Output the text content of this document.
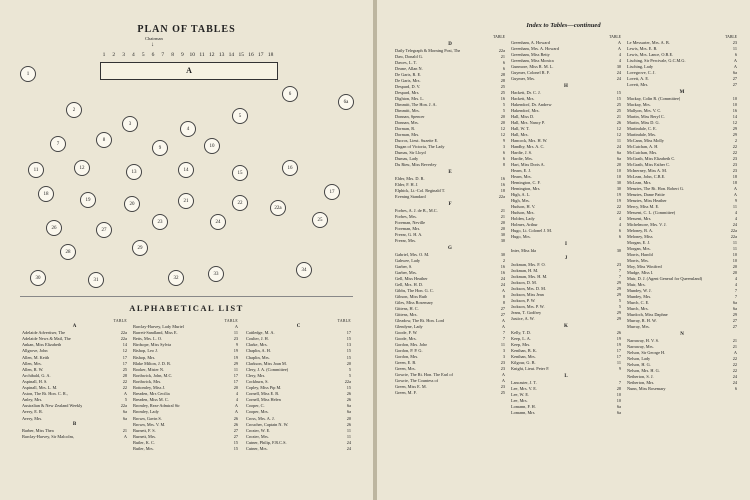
PLAN OF TABLES
Chairman
↓
1	2	3	4	5	6	7	8	9	10 11 12 13 14 15 16 17 18
A
1
2
3
4
5
6
6a
7
8
9	10
11	12
13	14
15
16
17
18
19
20
21	22
22a
23	24	25
26	27
28
29
30	31	32
33
34
ALPHABETICAL LIST
TABLE
A
Adelaide Advertiser, The	22a
Adelaide News & Mail, The	22a
Ankan, Miss Elizabeth	14
Allgrove, John	12
Allen, M. Keith	17
Allen, Mrs.	17
Allen, R. W.	25
Archibald, G. A.	28
Aspinall, H. S.	22
Aspinall, Mrs. L. M.	22
Aston, The Rt. Hon. C. R.,	A
Anley, Mrs.	5
Australian & New Zealand Weekly	22a
Avery, E. R.	6a
Avery, Mrs.	6a
B
Barber, Miss Thea	21
Barclay-Harvey, Sir Malcolm,	A
TABLE
Barclay-Harvey, Lady Muriel	A
Barrett-Sandland, Miss E.	11
Betts, Mrs. L. O.	23
Birdsope, Miss Sylvia	9
Bishop, Leo J.	19
Bishop, Mrs.	19
Blake Milton, J. D. B.	29
Booker, Mister N.	11
Borthwick, John, M.C.	17
Borthwick, Mrs.	17
Bottomley, Miss J.	20
Breaden, Mrs Cecilia	4
Breaden, Miss M. C.	4
Bromley, Rear-Admiral Sir	A
Bromley, Lady	A
Brown, Gavin S.	26
Brown, Mrs. V. M.	26
Burnett, F. S.	27
Burnett, Mrs.	27
Butler, K. C.	15
Butler, Mrs.	15
TABLE
C
Cattledge, M. A.	17
Coulter, J. H.	15
Clarke, Mrs.	13
Chaplin, A. H.	15
Chaplin, Mrs.	15
Clarkson, Miss Joan M.	20
Clery, J. A. (Committee)	5
Clery, Mrs.	5
Cockburn, S.	22a
Copley, Miss Pip M.	15
Cornell, Miss E. B.	26
Cornell, Miss Helen	26
Cooper, C.	6a
Cooper, Mrs.	6a
Cross, Mrs. A. J.	20
Croucher, Captain N. W.	26
Crozier, W. E.	11
Crozier, Mrs.	11
Cutner, Philip, F.R.C.S.	24
Cutner, Mrs.	24
Index to Tables—continued
TABLE
D
Daily Telegraph & Morning Post, The	22a
Daw, Donald G.	21
Dawes, L. T.	6
Deane, Allan N.	6
De Garis, R. E.	28
De Garis, Mrs.	28
Despard, D. V.	25
Despard, Mrs.	25
Dighton, Mrs. L.	16
Dimmitt, The Hon. J. A.	5
Dimmitt, Mrs.	5
Donnan, Spencer	20
Donnan, Mrs.	20
Dorman, R.	12
Dorman, Mrs.	12
Ducros, Lieut. Suzette E.	9
Dugan of Victoria, The Lady	3
Dumas, Sir Lloyd	6
Dumas, Lady	6
Du Rieu, Miss Beverley	8
E
Elder, Mrs. D. R.	16
Elder, F. H. J.	16
Elphick, Lt.-Col. Reginald T.	18
Evening Standard	22a
F
Forbes, A. J. de B., M.C.	21
Forbes, Mrs.	21
Foreman, Neville	20
Foreman, Mrs.	20
Freear, G. H. A.	30
Freear, Mrs.	30
G
Gabriel, Mrs. O. M.	30
Gahwee, Lady	2
Garber, S.	16
Garber, Mrs.	16
Gell, Miss Heather	24
Gell, Mrs. H. D.	24
Gibbs, The Hon. G. C.	A
Gibson, Miss Ruth	8
Giles, Miss Rosemary	8
Gittens, H. C.	27
Gittens, Mrs.	27
Gleadow, The Rt. Hon. Lord	A
Glendyne, Lady	A
Goode, F. W.	7
Goode, Mrs.	7
Gordon, Mrs. John	11
Gordon, P. P. G.	3
Gordon, Mrs.	3
Green, E. B.	23
Green, Mrs.	23
Gowrie, The Rt. Hon. The Earl of	A
Gowrie, The Countess of	A
Green, Miss E. M.	23
Green, M. F.	25
TABLE
Greenham, A. Howard	A
Greenham, Mrs. A. Howard	A
Greenham, Miss Betty	4
Greenham, Miss Monica	4
Gunmore, Miss R. M. L.	30
Guymer, Colonel R. F.	24
Guymer, Mrs.	24
H
Hackett, Dr. C. J.	15
Hackett, Mrs.	15
Hakendorf, Dr. Andrew	25
Hakendorf, Mrs.	25
Hall, Miss D.	21
Hall, Mrs. Nancy P.	26
Hall, W. T.	12
Hall, Mrs.	12
Hancock, Mrs. H. W.	11
Handby, Mrs. A. C.	24
Hardie, J. S.	6a
Hardie, Mrs.	6a
Hart, Miss Doris A.	20
Hearn, E. J.	10
Hearn, Mrs.	10
Hemington, C. F.	30
Hemington, Mrs.	30
High, A. L.	19
High, Mrs.	19
Hudson, H. V.	22
Hudson, Mrs.	22
Holden, Lady	4
Holmes, Arthur	4
Hugo, Lt. Colonel J. M.	6
Hugo, Mrs.	6
I
Inter, Miss Ida	30
J
Jackman, Mrs. F. O.	23
Jackman, H. M.	7
Jackman, Mrs. H. M.	7
Jackson, D. M.	29
Jackson, Mrs. D. M.	29
Jackson, Miss Jean	29
Jackson, P. W.	5
Jackson, Mrs. P. W.	5
Jeans, T. Godfrey	29
Justice, A. W.	29
K
Kelly, T. D.	26
Keep, L. A.	19
Keep, Mrs.	19
Kenihan, B. K.	17
Kenihan, Mrs.	17
Kilgour, G. B.	11
Knight, Lieut. Peter F.	9
L
Lancaster, J. T.	7
Lee, Mrs. V. E.	28
Lee, W. E.	10
Lee, Mrs.	10
Lomann, F. H.	6a
Lomann, Mrs.	6a
TABLE
Le Messurier, Mrs. A. B.	23
Lewis, Mrs. E. B.	11
Lewis, Mrs. Lance, O.B.E.	6
Lisching, Sir Percivale, G.C.M.G.	A
Lisching, Lady	A
Lovegrove, C. J.	6a
Lovett, A. E.	27
Lovett, Mrs.	27
M
Mackay, Colin R. (Committee)	10
Mackay, Mrs.	10
Mallyon, Mrs. V. C.	16
Martin, Miss Beryl C.	14
Martin, Miss D. G.	12
Martindale, C. E.	29
Martindale, Mrs.	29
McCann, Miss Molly	2
McCutchan, A. H.	22
McCutchan, Mrs.	22
McGrath, Miss Elizabeth C.	23
McGrath, Miss Esther C.	23
McInerney, Miss A. M.	23
McLean, John, C.B.E.	18
McLean, Mrs.	18
Menzies, The Rt. Hon. Robert G.	A
Menzies, Dame Pattie	A
Menzies, Miss Heather	9
Mercy, Miss M. E.	11
Messent, C. L. (Committee)	4
Messent, Mrs.	4
Michelmore, Mrs. V. J.	24
Meloney, B. A.	22a
Meloney, Miss	22a
Morgan, E. J.	11
Morgan, Mrs.	11
Morris, Harold	10
Morris, Mrs.	10
Moy, Miss Winifred	20
Mudge, Miss I.	20
Muir, D. J. (Agent General for Queensland)	4
Muir, Mrs.	4
Mundey, W. J.	7
Mundey, Mrs.	7
Murch, C. E.	6a
Murch, Mrs.	6a
Murdoch, Miss Daphne	29
Murray, R. H. W.	27
Murray, Mrs.	27
N
Narraway, H. V. S.	21
Narraway, Mrs.	21
Nelson, Sir George H.	A
Nelson, Lady	22
Nelson, H. G.	22
Nelson, Mrs. H. G.	22
Netherton, S. J.	24
Netherton, Mrs.	24
Nunn, Miss Rosemary	6
